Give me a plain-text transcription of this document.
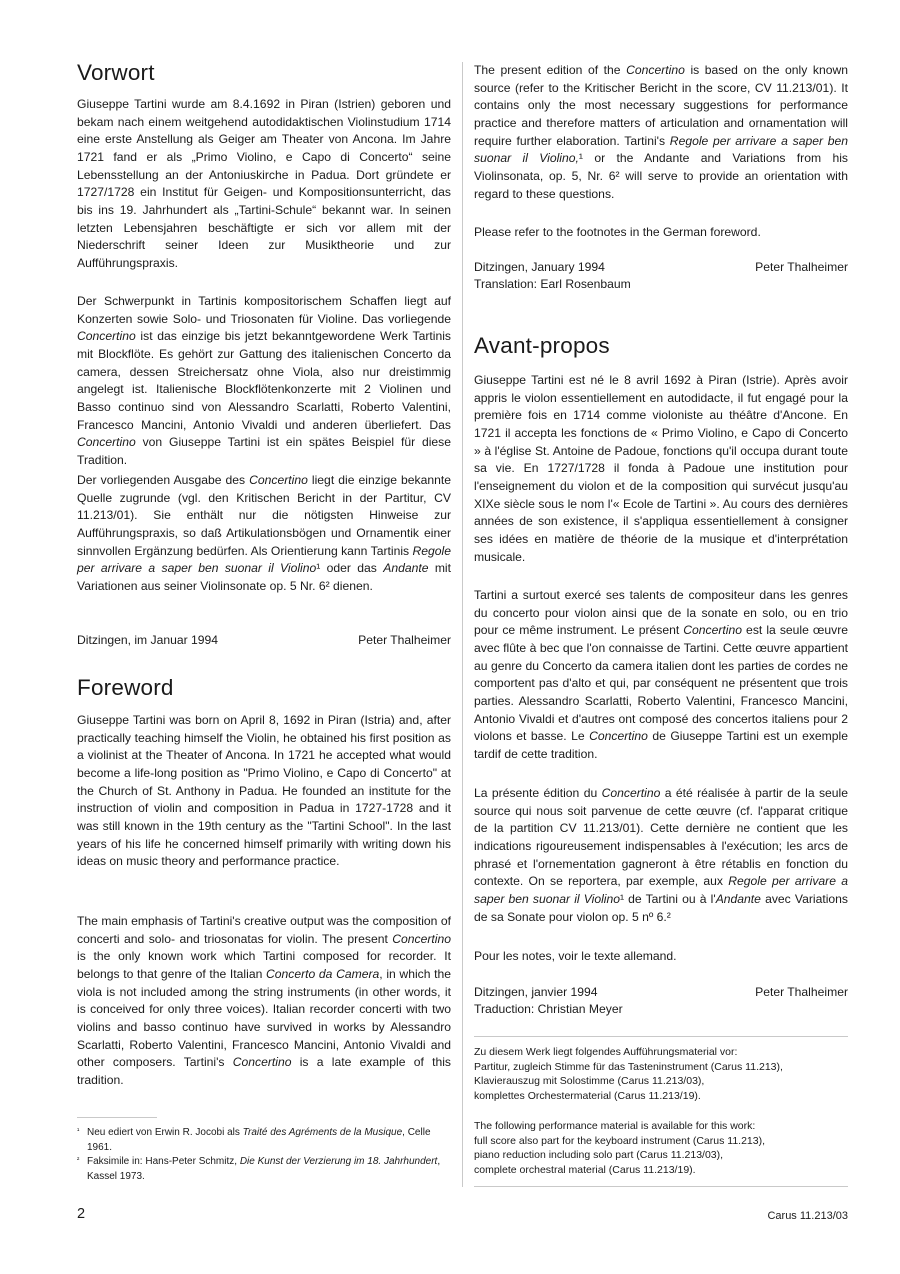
Vorwort

Giuseppe Tartini wurde am 8.4.1692 in Piran (Istrien) geboren und bekam nach einem weitgehend autodidaktischen Violinstudium 1714 eine erste Anstellung als Geiger am Theater von Ancona. Im Jahre 1721 fand er als „Primo Violino, e Capo di Concerto“ seine Lebensstellung an der Antoniuskirche in Padua. Dort gründete er 1727/1728 ein Institut für Geigen- und Kompositionsunterricht, das bis ins 19. Jahrhundert als „Tartini-Schule“ bekannt war. In seinen letzten Lebensjahren beschäftigte er sich vor allem mit der Niederschrift seiner Ideen zur Musiktheorie und zur Aufführungspraxis.

Der Schwerpunkt in Tartinis kompositorischem Schaffen liegt auf Konzerten sowie Solo- und Triosonaten für Violine. Das vorliegende Concertino ist das einzige bis jetzt bekanntgewordene Werk Tartinis mit Blockflöte. Es gehört zur Gattung des italienischen Concerto da camera, dessen Streichersatz ohne Viola, also nur dreistimmig angelegt ist. Italienische Blockflötenkonzerte mit 2 Violinen und Basso continuo sind von Alessandro Scarlatti, Roberto Valentini, Francesco Mancini, Antonio Vivaldi und anderen überliefert. Das Concertino von Giuseppe Tartini ist ein spätes Beispiel für diese Tradition.

Der vorliegenden Ausgabe des Concertino liegt die einzige bekannte Quelle zugrunde (vgl. den Kritischen Bericht in der Partitur, CV 11.213/01). Sie enthält nur die nötigsten Hinweise zur Aufführungspraxis, so daß Artikulationsbögen und Ornamentik einer sinnvollen Ergänzung bedürfen. Als Orientierung kann Tartinis Regole per arrivare a saper ben suonar il Violino¹ oder das Andante mit Variationen aus seiner Violinsonate op. 5 Nr. 6² dienen.

Ditzingen, im Januar 1994	Peter Thalheimer
Foreword

Giuseppe Tartini was born on April 8, 1692 in Piran (Istria) and, after practically teaching himself the Violin, he obtained his first position as a violinist at the Theater of Ancona. In 1721 he accepted what would become a life-long position as "Primo Violino, e Capo di Concerto" at the Church of St. Anthony in Padua. He founded an institute for the instruction of violin and composition in Padua in 1727-1728 and it was still known in the 19th century as the "Tartini School". In the last years of his life he concerned himself primarily with writing down his ideas on music theory and performance practice.

The main emphasis of Tartini's creative output was the composition of concerti and solo- and triosonatas for violin. The present Concertino is the only known work which Tartini composed for recorder. It belongs to that genre of the Italian Concerto da Camera, in which the viola is not included among the string instruments (in other words, it is conceived for only three voices). Italian recorder concerti with two violins and basso continuo have survived in works by Alessandro Scarlatti, Roberto Valentini, Francesco Mancini, Antonio Vivaldi and other composers. Tartini's Concertino is a late example of this tradition.

¹ Neu ediert von Erwin R. Jocobi als Traité des Agréments de la Musique, Celle 1961.

² Faksimile in: Hans-Peter Schmitz, Die Kunst der Verzierung im 18. Jahrhundert, Kassel 1973.

The present edition of the Concertino is based on the only known source (refer to the Kritischer Bericht in the score, CV 11.213/01). It contains only the most necessary suggestions for performance practice and therefore matters of articulation and ornamentation will require further elaboration. Tartini's Regole per arrivare a saper ben suonar il Violino,¹ or the Andante and Variations from his Violinsonata, op. 5, Nr. 6² will serve to provide an orientation with regard to these questions.

Please refer to the footnotes in the German foreword.

Ditzingen, January 1994	Peter Thalheimer
Translation: Earl Rosenbaum
Avant-propos

Giuseppe Tartini est né le 8 avril 1692 à Piran (Istrie). Après avoir appris le violon essentiellement en autodidacte, il fut engagé pour la première fois en 1714 comme violoniste au théâtre d'Ancone. En 1721 il accepta les fonctions de « Primo Violino, e Capo di Concerto » à l'église St. Antoine de Padoue, fonctions qu'il occupa durant toute sa vie. En 1727/1728 il fonda à Padoue une institution pour l'enseignement du violon et de la composition qui survécut jusqu'au XIXe siècle sous le nom l'« Ecole de Tartini ». Au cours des dernières années de son existence, il s'appliqua essentiellement à consigner ses idées en matière de théorie de la musique et d'interprétation musicale.

Tartini a surtout exercé ses talents de compositeur dans les genres du concerto pour violon ainsi que de la sonate en solo, ou en trio pour ce même instrument. Le présent Concertino est la seule œuvre avec flûte à bec que l'on connaisse de Tartini. Cette œuvre appartient au genre du Concerto da camera italien dont les parties de cordes ne comportent pas d'alto et qui, par conséquent ne présentent que trois parties. Alessandro Scarlatti, Roberto Valentini, Francesco Mancini, Antonio Vivaldi et d'autres ont composé des concertos italiens pour 2 violons et basse. Le Concertino de Giuseppe Tartini est un exemple tardif de cette tradition.

La présente édition du Concertino a été réalisée à partir de la seule source qui nous soit parvenue de cette œuvre (cf. l'apparat critique de la partition CV 11.213/01). Cette dernière ne contient que les indications rigoureusement indispensables à l'exécution; les arcs de phrasé et l'ornementation gagneront à être rétablis en fonction du contexte. On se reportera, par exemple, aux Regole per arrivare a saper ben suonar il Violino¹ de Tartini ou à l'Andante avec Variations de sa Sonate pour violon op. 5 nº 6.²

Pour les notes, voir le texte allemand.

Ditzingen, janvier 1994	Peter Thalheimer
Traduction: Christian Meyer
Zu diesem Werk liegt folgendes Aufführungsmaterial vor:
Partitur, zugleich Stimme für das Tasteninstrument (Carus 11.213),
Klavierauszug mit Solostimme (Carus 11.213/03),
komplettes Orchestermaterial (Carus 11.213/19).
The following performance material is available for this work:
full score also part for the keyboard instrument (Carus 11.213),
piano reduction including solo part (Carus 11.213/03),
complete orchestral material (Carus 11.213/19).
2	Carus 11.213/03
